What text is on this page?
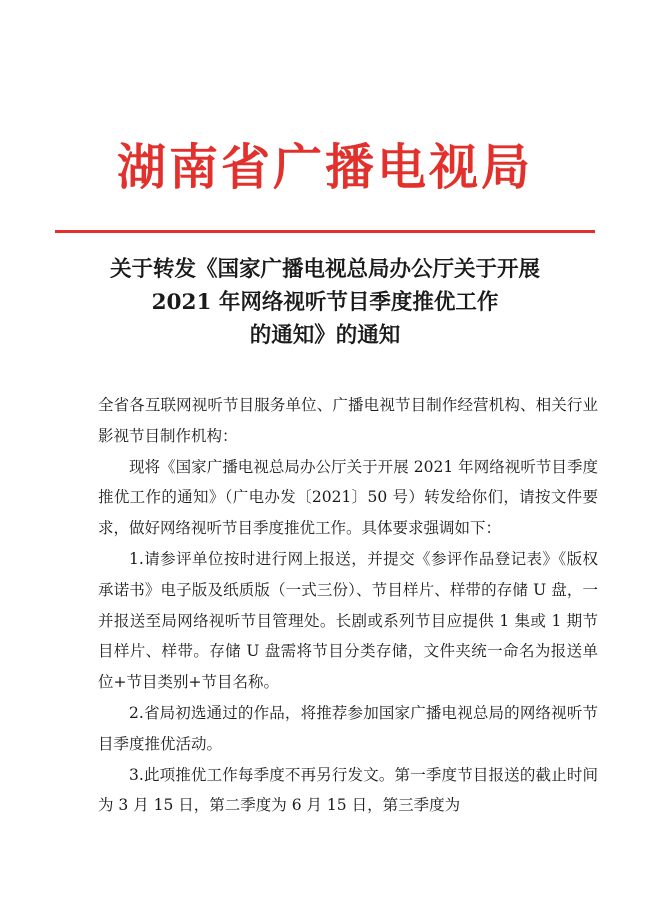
湖南省广播电视局
关于转发《国家广播电视总局办公厅关于开展
2021 年网络视听节目季度推优工作
的通知》的通知

全省各互联网视听节目服务单位、广播电视节目制作经营机构、相关行业影视节目制作机构：

现将《国家广播电视总局办公厅关于开展 2021 年网络视听节目季度推优工作的通知》（广电办发〔2021〕50 号）转发给你们，请按文件要求，做好网络视听节目季度推优工作。具体要求强调如下：

1.请参评单位按时进行网上报送，并提交《参评作品登记表》《版权承诺书》电子版及纸质版（一式三份）、节目样片、样带的存储 U 盘，一并报送至局网络视听节目管理处。长剧或系列节目应提供 1 集或 1 期节目样片、样带。存储 U 盘需将节目分类存储，文件夹统一命名为报送单位+节目类别+节目名称。

2.省局初选通过的作品，将推荐参加国家广播电视总局的网络视听节目季度推优活动。

3.此项推优工作每季度不再另行发文。第一季度节目报送的截止时间为 3 月 15 日，第二季度为 6 月 15 日，第三季度为
